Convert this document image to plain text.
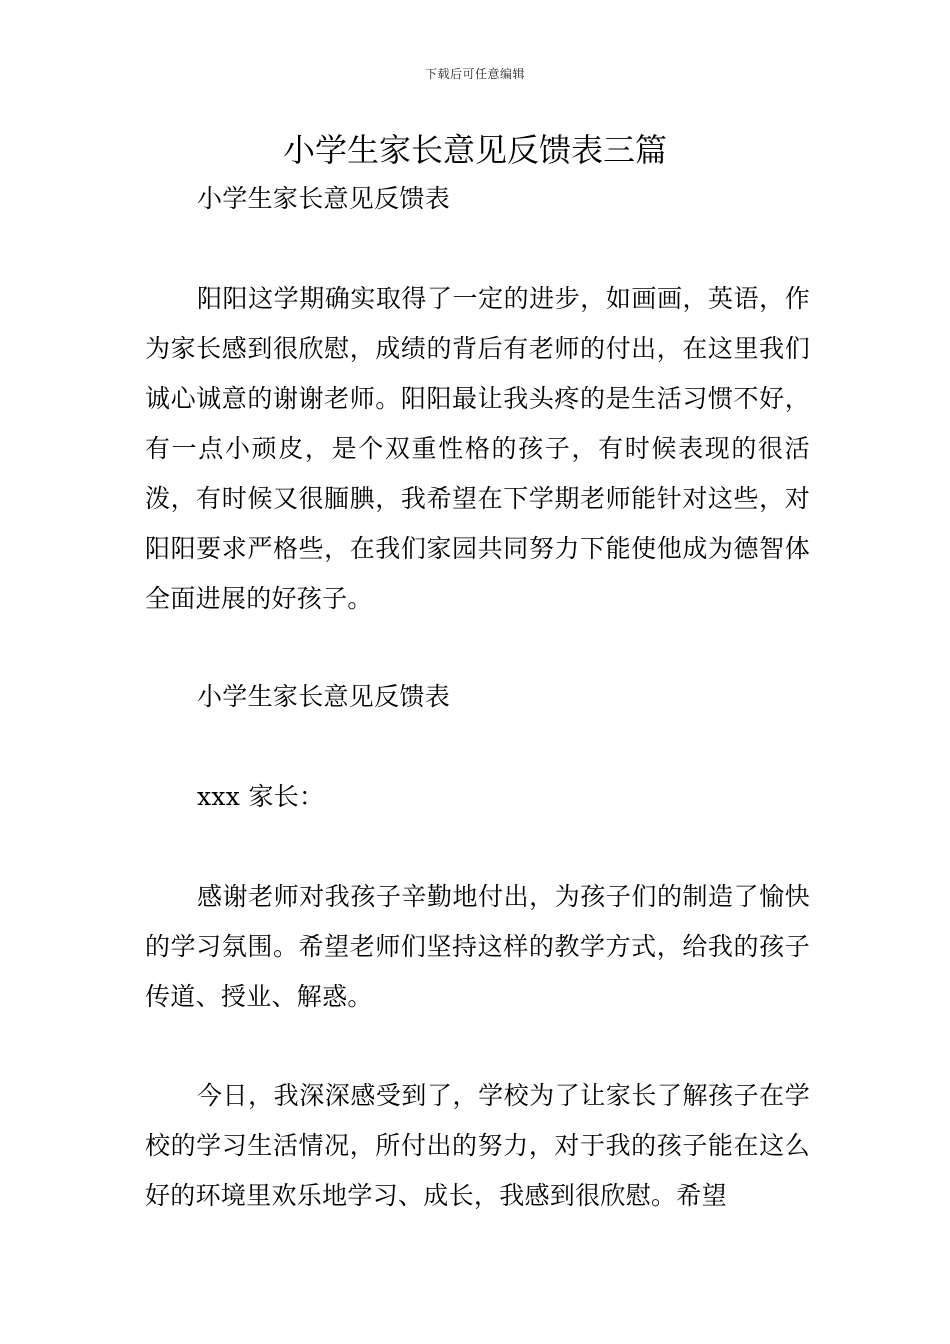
下载后可任意编辑
小学生家长意见反馈表三篇

小学生家长意见反馈表

阳阳这学期确实取得了一定的进步，如画画，英语，作为家长感到很欣慰，成绩的背后有老师的付出，在这里我们诚心诚意的谢谢老师。阳阳最让我头疼的是生活习惯不好，有一点小顽皮，是个双重性格的孩子，有时候表现的很活泼，有时候又很腼腆，我希望在下学期老师能针对这些，对阳阳要求严格些，在我们家园共同努力下能使他成为德智体全面进展的好孩子。

小学生家长意见反馈表

xxx 家长：

感谢老师对我孩子辛勤地付出，为孩子们的制造了愉快的学习氛围。希望老师们坚持这样的教学方式，给我的孩子传道、授业、解惑。

今日，我深深感受到了，学校为了让家长了解孩子在学校的学习生活情况，所付出的努力，对于我的孩子能在这么好的环境里欢乐地学习、成长，我感到很欣慰。希望
